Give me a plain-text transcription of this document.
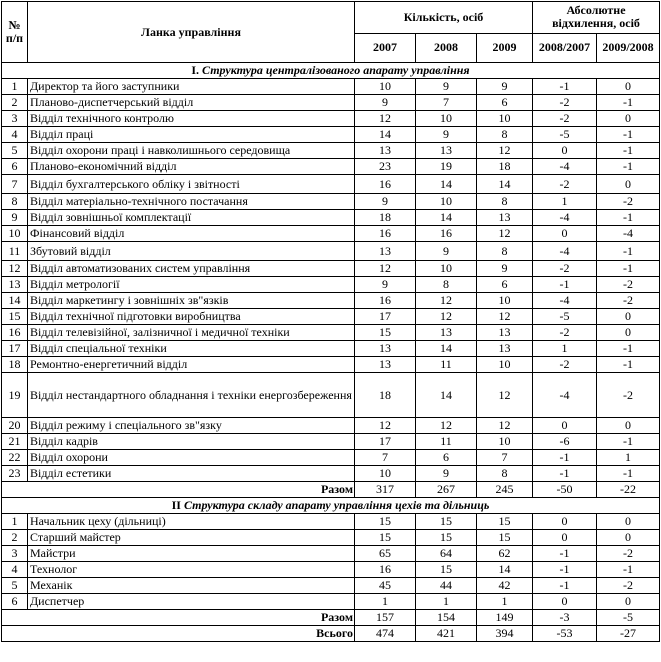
№ п/п	Ланка управління	Кількість, осіб			Абсолютне відхилення, осіб	
		2007	2008	2009	2008/2007	2009/2008
I. Структура централізованого апарату управління						
1	Директор та його заступники	10	9	9	-1	0
2	Планово-диспетчерський відділ	9	7	6	-2	-1
3	Відділ технічного контролю	12	10	10	-2	0
4	Відділ праці	14	9	8	-5	-1
5	Відділ охорони праці і навколишнього середовища	13	13	12	0	-1
6	Планово-економічний відділ	23	19	18	-4	-1
7	Відділ бухгалтерського обліку і звітності	16	14	14	-2	0
8	Відділ матеріально-технічного постачання	9	10	8	1	-2
9	Відділ зовнішньої комплектації	18	14	13	-4	-1
10	Фінансовий відділ	16	16	12	0	-4
11	Збутовий відділ	13	9	8	-4	-1
12	Відділ автоматизованих систем управління	12	10	9	-2	-1
13	Відділ метрології	9	8	6	-1	-2
14	Відділ маркетингу і зовнішніх зв"язків	16	12	10	-4	-2
15	Відділ технічної підготовки виробництва	17	12	12	-5	0
16	Відділ телевізійної, залізничної і медичної техніки	15	13	13	-2	0
17	Відділ спеціальної техніки	13	14	13	1	-1
18	Ремонтно-енергетичний відділ	13	11	10	-2	-1
19	Відділ нестандартного обладнання і техніки енергозбереження	18	14	12	-4	-2
20	Відділ режиму і спеціального зв"язку	12	12	12	0	0
21	Відділ кадрів	17	11	10	-6	-1
22	Відділ охорони	7	6	7	-1	1
23	Відділ естетики	10	9	8	-1	-1
Разом		317	267	245	-50	-22
II Структура складу апарату управління цехів та дільниць						
1	Начальник цеху (дільниці)	15	15	15	0	0
2	Старший майстер	15	15	15	0	0
3	Майстри	65	64	62	-1	-2
4	Технолог	16	15	14	-1	-1
5	Механік	45	44	42	-1	-2
6	Диспетчер	1	1	1	0	0
Разом		157	154	149	-3	-5
Всього		474	421	394	-53	-27
